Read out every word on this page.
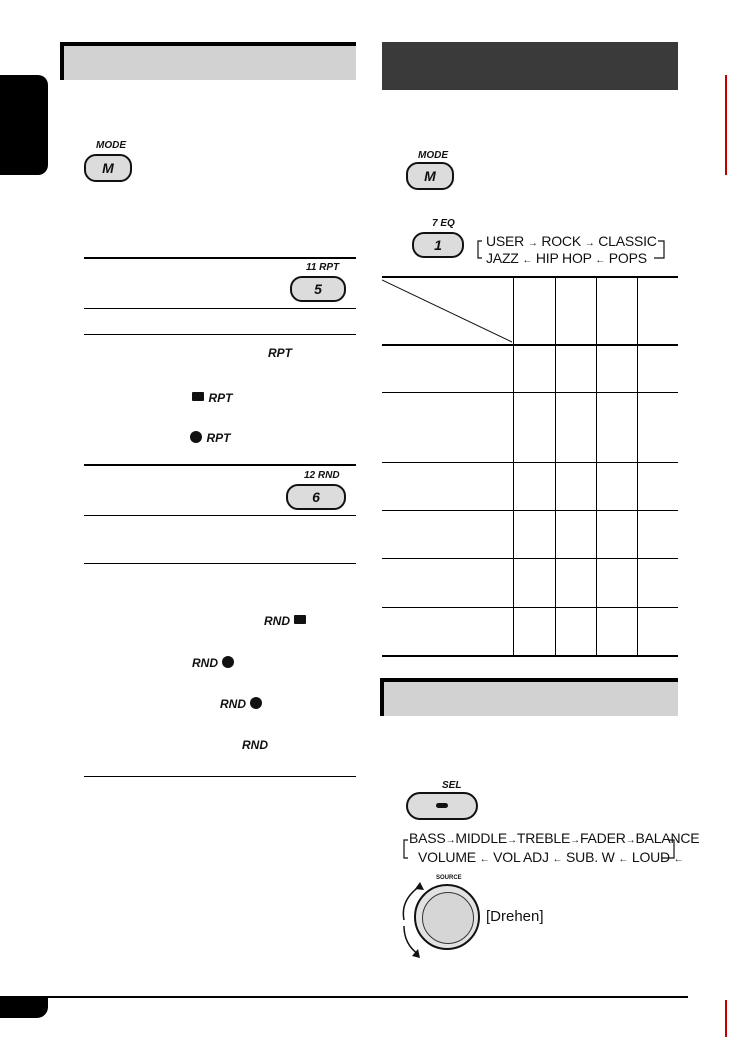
MODE
M
11 RPT
5
RPT
RPT
RPT
12 RND
6
RND
RND
RND
RND
MODE
M
7 EQ
1	USER → ROCK → CLASSIC
JAZZ ← HIP HOP ← POPS
SEL
BASS→MIDDLE→TREBLE→FADER→BALANCE
VOLUME ← VOL ADJ ← SUB. W ← LOUD ←
SOURCE
[Drehen]
